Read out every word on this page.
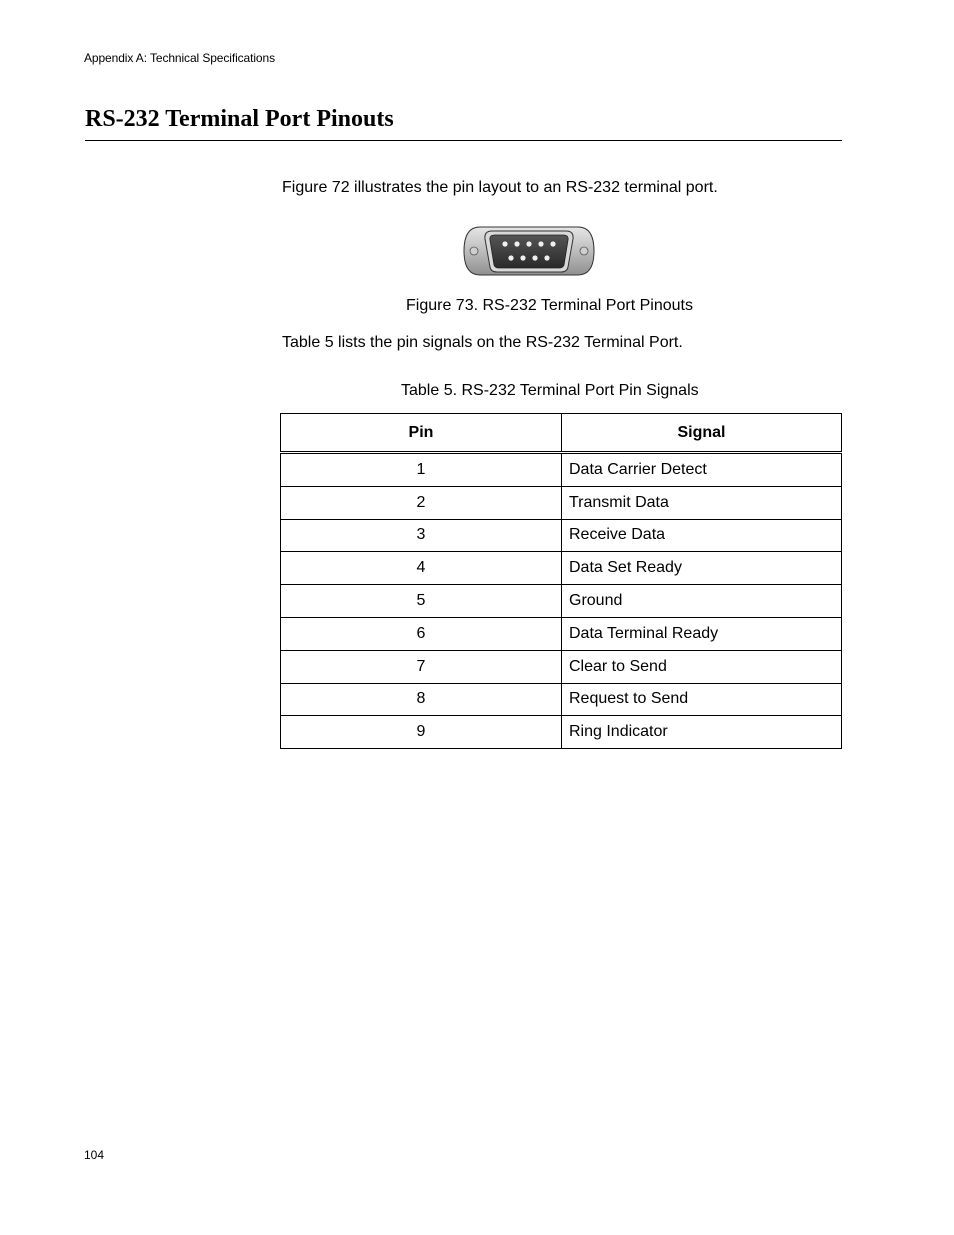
Appendix A: Technical Specifications
RS-232 Terminal Port Pinouts

Figure 72 illustrates the pin layout to an RS-232 terminal port.

Figure 73. RS-232 Terminal Port Pinouts

Table 5 lists the pin signals on the RS-232 Terminal Port.

Table 5. RS-232 Terminal Port Pin Signals

Pin	Signal
1	Data Carrier Detect
2	Transmit Data
3	Receive Data
4	Data Set Ready
5	Ground
6	Data Terminal Ready
7	Clear to Send
8	Request to Send
9	Ring Indicator
104
